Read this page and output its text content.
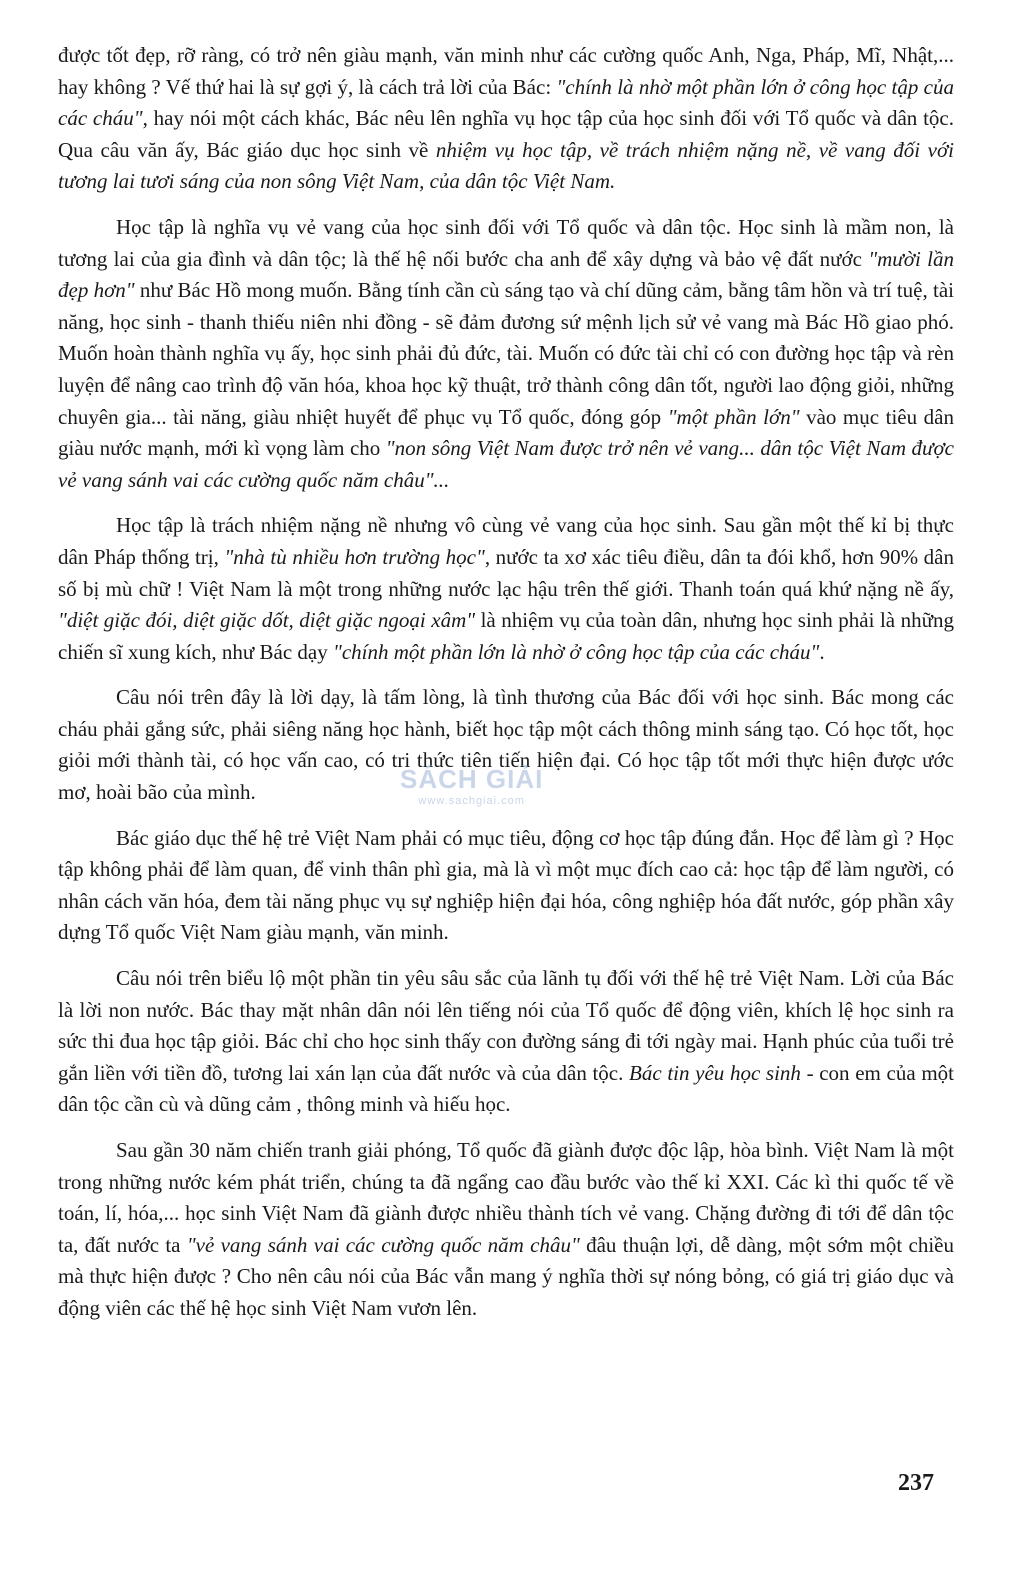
được tốt đẹp, rỡ ràng, có trở nên giàu mạnh, văn minh như các cường quốc Anh, Nga, Pháp, Mĩ, Nhật,... hay không ? Vế thứ hai là sự gợi ý, là cách trả lời của Bác: "chính là nhờ một phần lớn ở công học tập của các cháu", hay nói một cách khác, Bác nêu lên nghĩa vụ học tập của học sinh đối với Tổ quốc và dân tộc. Qua câu văn ấy, Bác giáo dục học sinh về nhiệm vụ học tập, về trách nhiệm nặng nề, về vang đối với tương lai tươi sáng của non sông Việt Nam, của dân tộc Việt Nam.

Học tập là nghĩa vụ vẻ vang của học sinh đối với Tổ quốc và dân tộc. Học sinh là mầm non, là tương lai của gia đình và dân tộc; là thế hệ nối bước cha anh để xây dựng và bảo vệ đất nước "mười lần đẹp hơn" như Bác Hồ mong muốn. Bằng tính cần cù sáng tạo và chí dũng cảm, bằng tâm hồn và trí tuệ, tài năng, học sinh - thanh thiếu niên nhi đồng - sẽ đảm đương sứ mệnh lịch sử vẻ vang mà Bác Hồ giao phó. Muốn hoàn thành nghĩa vụ ấy, học sinh phải đủ đức, tài. Muốn có đức tài chỉ có con đường học tập và rèn luyện để nâng cao trình độ văn hóa, khoa học kỹ thuật, trở thành công dân tốt, người lao động giỏi, những chuyên gia... tài năng, giàu nhiệt huyết để phục vụ Tổ quốc, đóng góp "một phần lớn" vào mục tiêu dân giàu nước mạnh, mới kì vọng làm cho "non sông Việt Nam được trở nên vẻ vang... dân tộc Việt Nam được vẻ vang sánh vai các cường quốc năm châu"...

Học tập là trách nhiệm nặng nề nhưng vô cùng vẻ vang của học sinh. Sau gần một thế kỉ bị thực dân Pháp thống trị, "nhà tù nhiều hơn trường học", nước ta xơ xác tiêu điều, dân ta đói khổ, hơn 90% dân số bị mù chữ ! Việt Nam là một trong những nước lạc hậu trên thế giới. Thanh toán quá khứ nặng nề ấy, "diệt giặc đói, diệt giặc dốt, diệt giặc ngoại xâm" là nhiệm vụ của toàn dân, nhưng học sinh phải là những chiến sĩ xung kích, như Bác dạy "chính một phần lớn là nhờ ở công học tập của các cháu".

Câu nói trên đây là lời dạy, là tấm lòng, là tình thương của Bác đối với học sinh. Bác mong các cháu phải gắng sức, phải siêng năng học hành, biết học tập một cách thông minh sáng tạo. Có học tốt, học giỏi mới thành tài, có học vấn cao, có tri thức tiên tiến hiện đại. Có học tập tốt mới thực hiện được ước mơ, hoài bão của mình.

Bác giáo dục thế hệ trẻ Việt Nam phải có mục tiêu, động cơ học tập đúng đắn. Học để làm gì ? Học tập không phải để làm quan, để vinh thân phì gia, mà là vì một mục đích cao cả: học tập để làm người, có nhân cách văn hóa, đem tài năng phục vụ sự nghiệp hiện đại hóa, công nghiệp hóa đất nước, góp phần xây dựng Tổ quốc Việt Nam giàu mạnh, văn minh.

Câu nói trên biểu lộ một phần tin yêu sâu sắc của lãnh tụ đối với thế hệ trẻ Việt Nam. Lời của Bác là lời non nước. Bác thay mặt nhân dân nói lên tiếng nói của Tổ quốc để động viên, khích lệ học sinh ra sức thi đua học tập giỏi. Bác chỉ cho học sinh thấy con đường sáng đi tới ngày mai. Hạnh phúc của tuổi trẻ gắn liền với tiền đồ, tương lai xán lạn của đất nước và của dân tộc. Bác tin yêu học sinh - con em của một dân tộc cần cù và dũng cảm , thông minh và hiếu học.

Sau gần 30 năm chiến tranh giải phóng, Tổ quốc đã giành được độc lập, hòa bình. Việt Nam là một trong những nước kém phát triển, chúng ta đã ngẩng cao đầu bước vào thế kỉ XXI. Các kì thi quốc tế về toán, lí, hóa,... học sinh Việt Nam đã giành được nhiều thành tích vẻ vang. Chặng đường đi tới để dân tộc ta, đất nước ta "vẻ vang sánh vai các cường quốc năm châu" đâu thuận lợi, dễ dàng, một sớm một chiều mà thực hiện được ? Cho nên câu nói của Bác vẫn mang ý nghĩa thời sự nóng bỏng, có giá trị giáo dục và động viên các thế hệ học sinh Việt Nam vươn lên.

SÁCH GIẢI
www.sachgiai.com
237
